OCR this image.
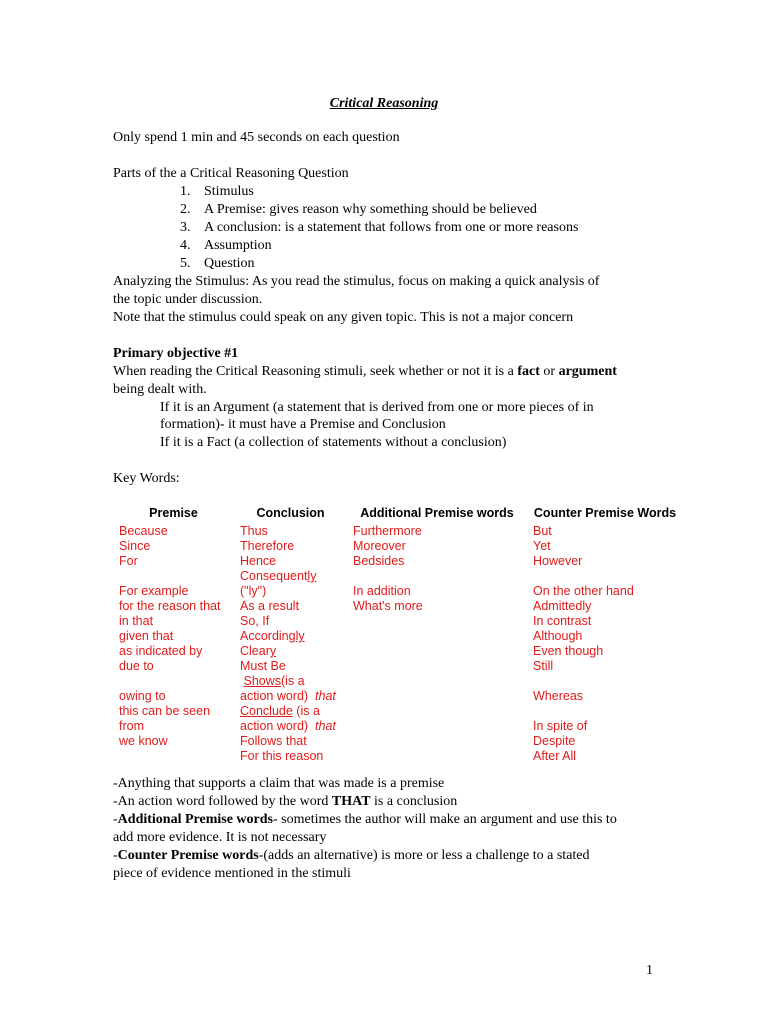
Critical Reasoning
Only spend 1 min and 45 seconds on each question
Parts of the a Critical Reasoning Question
1. Stimulus
2. A Premise: gives reason why something should be believed
3. A conclusion: is a statement that follows from one or more reasons
4. Assumption
5. Question
Analyzing the Stimulus: As you read the stimulus, focus on making a quick analysis of
the topic under discussion.
Note that the stimulus could speak on any given topic. This is not a major concern
Primary objective #1
When reading the Critical Reasoning stimuli, seek whether or not it is a fact or argument
being dealt with.
If it is an Argument (a statement that is derived from one or more pieces of in
formation)- it must have a Premise and Conclusion
If it is a Fact (a collection of statements without a conclusion)
Key Words:
Premise	Conclusion	Additional Premise words	Counter Premise Words
Because	Thus	Furthermore	But
Since	Therefore	Moreover	Yet
For	Hence	Bedsides	However
	Consequently		
For example	("ly")	In addition	On the other hand
for the reason that	As a result	What's more	Admittedly
in that	So, If		In contrast
given that	Accordingly		Although
as indicated by	Cleary		Even though
due to	Must Be		Still
	Shows(is a		
owing to	action word) that		Whereas
this can be seen	Conclude (is a		
from	action word) that		In spite of
we know	Follows that		Despite
	For this reason		After All
-Anything that supports a claim that was made is a premise
-An action word followed by the word THAT is a conclusion
-Additional Premise words- sometimes the author will make an argument and use this to
add more evidence. It is not necessary
-Counter Premise words-(adds an alternative) is more or less a challenge to a stated
piece of evidence mentioned in the stimuli
1
